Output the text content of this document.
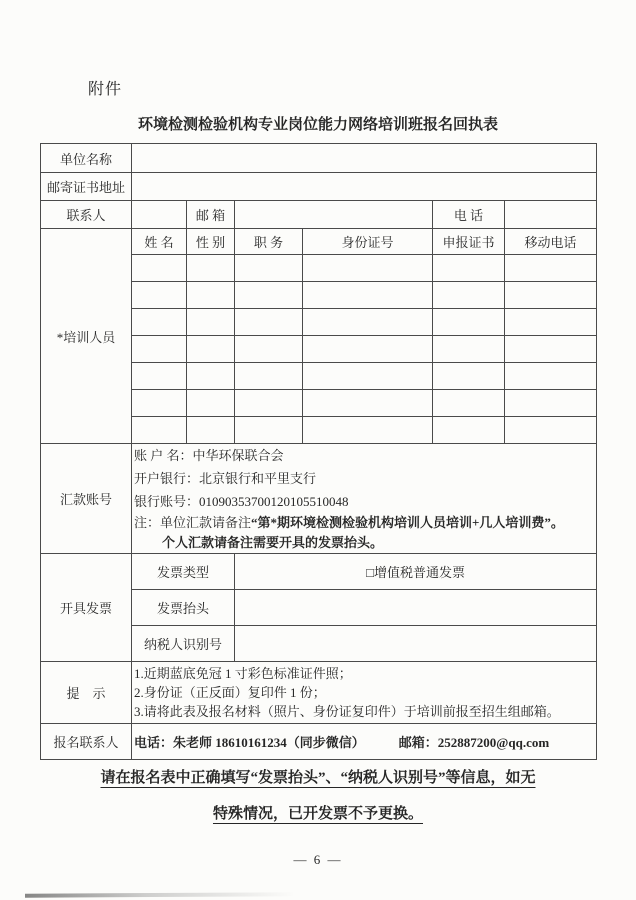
附件
环境检测检验机构专业岗位能力网络培训班报名回执表
单位名称						
邮寄证书地址						
联系人		邮 箱			电 话	
*培训人员	姓 名	性 别	职 务	身份证号	申报证书	移动电话

汇款账号	账 户 名：中华环保联合会
开户银行：北京银行和平里支行
银行账号：01090353700120105510048
注：单位汇款请备注“第*期环境检测检验机构培训人员培训+几人培训费”。
个人汇款请备注需要开具的发票抬头。					

开具发票	发票类型		□增值税普通发票			
	发票抬头					
	纳税人识别号					
提　示	1.近期蓝底免冠 1 寸彩色标准证件照；
2.身份证（正反面）复印件 1 份；
3.请将此表及报名材料（照片、身份证复印件）于培训前报至招生组邮箱。					

报名联系人	电话：朱老师 18610161234（同步微信） 邮箱：252887200@qq.com					
请在报名表中正确填写“发票抬头”、“纳税人识别号”等信息，如无
特殊情况，已开发票不予更换。
— 6 —
